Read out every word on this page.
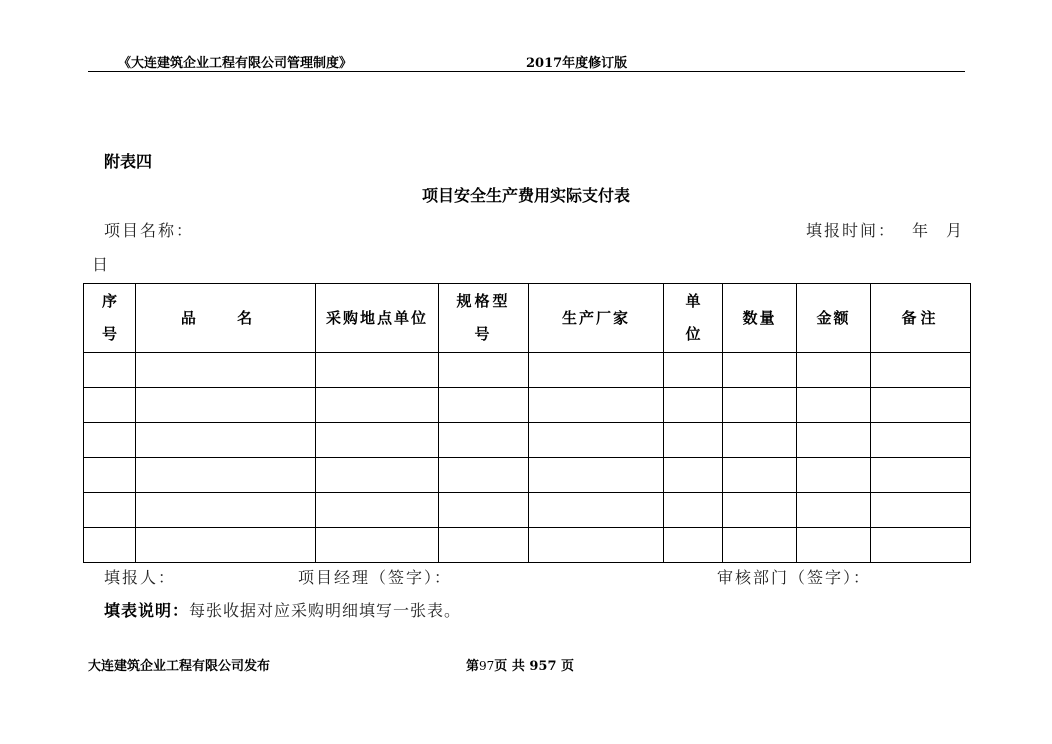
《大连建筑企业工程有限公司管理制度》	2017年度修订版
附表四
项目安全生产费用实际支付表
项目名称：	填报时间： 年 月
日
序号	品 名	采购地点单位	规格型号	生产厂家	单位	数量	金额	备注

填报人：	项目经理（签字）：	审核部门（签字）：
填表说明：每张收据对应采购明细填写一张表。
大连建筑企业工程有限公司发布	第97页 共 957 页
